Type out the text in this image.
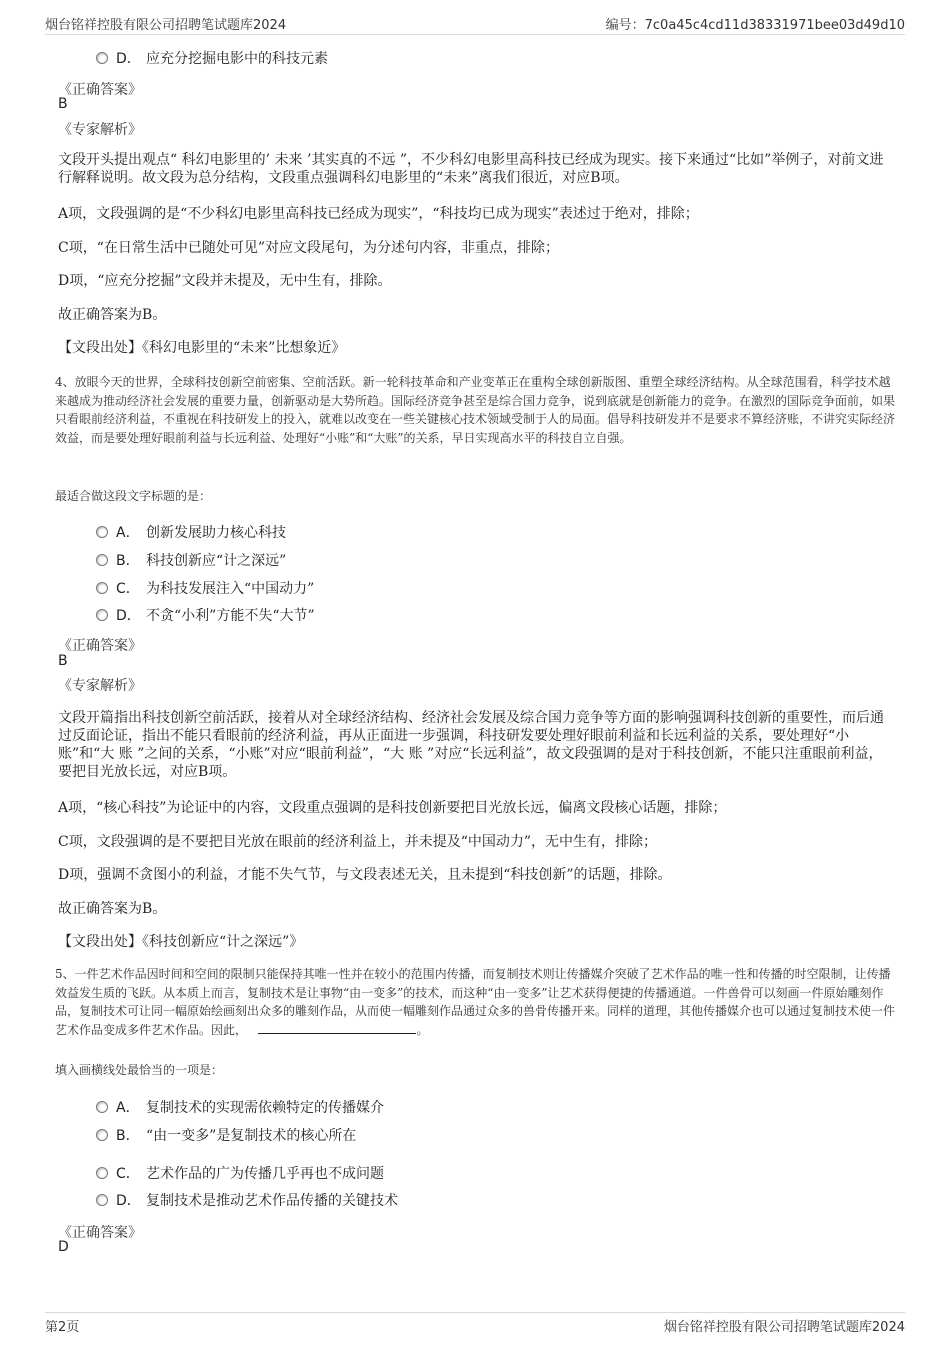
烟台铭祥控股有限公司招聘笔试题库2024	编号：7c0a45c4cd11d38331971bee03d49d10
D． 应充分挖掘电影中的科技元素
《正确答案》
B
《专家解析》
文段开头提出观点“ 科幻电影里的’ 未来 ’其实真的不远 ”，不少科幻电影里高科技已经成为现实。接下来通过“比如”举例子，对前文进行解释说明。故文段为总分结构，文段重点强调科幻电影里的“未来”离我们很近，对应B项。
A项，文段强调的是“不少科幻电影里高科技已经成为现实”，“科技均已成为现实”表述过于绝对，排除；
C项，“在日常生活中已随处可见”对应文段尾句，为分述句内容，非重点，排除；
D项，“应充分挖掘”文段并未提及，无中生有，排除。
故正确答案为B。
【文段出处】《科幻电影里的“未来”比想象近》
4、放眼今天的世界，全球科技创新空前密集、空前活跃。新一轮科技革命和产业变革正在重构全球创新版图、重塑全球经济结构。从全球范围看，科学技术越来越成为推动经济社会发展的重要力量，创新驱动是大势所趋。国际经济竞争甚至是综合国力竞争，说到底就是创新能力的竞争。在激烈的国际竞争面前，如果只看眼前经济利益，不重视在科技研发上的投入，就难以改变在一些关键核心技术领域受制于人的局面。倡导科技研发并不是要求不算经济账，不讲究实际经济效益，而是要处理好眼前利益与长远利益、处理好“小账”和“大账”的关系，早日实现高水平的科技自立自强。
最适合做这段文字标题的是：
A． 创新发展助力核心科技
B． 科技创新应“计之深远”
C． 为科技发展注入“中国动力”
D． 不贪“小利”方能不失“大节”
《正确答案》
B
《专家解析》
文段开篇指出科技创新空前活跃，接着从对全球经济结构、经济社会发展及综合国力竞争等方面的影响强调科技创新的重要性，而后通过反面论证，指出不能只看眼前的经济利益，再从正面进一步强调，科技研发要处理好眼前利益和长远利益的关系，要处理好“小账”和“大 账 ”之间的关系，“小账”对应“眼前利益”，“大 账 ”对应“长远利益”，故文段强调的是对于科技创新，不能只注重眼前利益，要把目光放长远，对应B项。
A项，“核心科技”为论证中的内容，文段重点强调的是科技创新要把目光放长远，偏离文段核心话题，排除；
C项，文段强调的是不要把目光放在眼前的经济利益上，并未提及“中国动力”，无中生有，排除；
D项，强调不贪图小的利益，才能不失气节，与文段表述无关，且未提到“科技创新”的话题，排除。
故正确答案为B。
【文段出处】《科技创新应“计之深远”》
5、一件艺术作品因时间和空间的限制只能保持其唯一性并在较小的范围内传播，而复制技术则让传播媒介突破了艺术作品的唯一性和传播的时空限制，让传播效益发生质的飞跃。从本质上而言，复制技术是让事物“由一变多”的技术，而这种“由一变多”让艺术获得便捷的传播通道。一件兽骨可以刻画一件原始雕刻作品，复制技术可让同一幅原始绘画刻出众多的雕刻作品，从而使一幅雕刻作品通过众多的兽骨传播开来。同样的道理，其他传播媒介也可以通过复制技术使一件艺术作品变成多件艺术作品。因此，	。
填入画横线处最恰当的一项是：
A． 复制技术的实现需依赖特定的传播媒介
B． “由一变多”是复制技术的核心所在
C． 艺术作品的广为传播几乎再也不成问题
D． 复制技术是推动艺术作品传播的关键技术
《正确答案》
D
第2页	烟台铭祥控股有限公司招聘笔试题库2024
